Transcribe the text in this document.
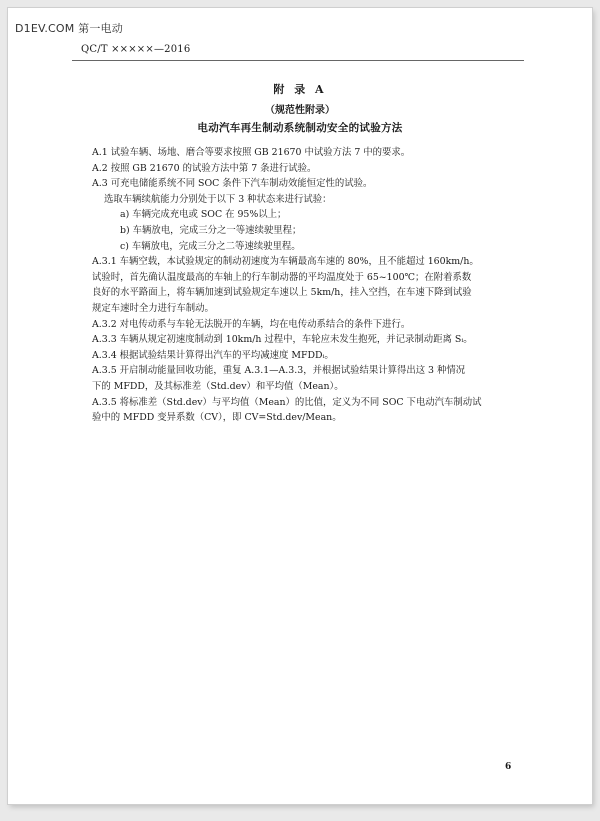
D1EV.COM 第一电动
QC/T ×××××—2016
附 录 A
（规范性附录）
电动汽车再生制动系统制动安全的试验方法
A.1 试验车辆、场地、磨合等要求按照 GB 21670 中试验方法 7 中的要求。
A.2 按照 GB 21670 的试验方法中第 7 条进行试验。
A.3 可充电储能系统不同 SOC 条件下汽车制动效能恒定性的试验。
选取车辆续航能力分别处于以下 3 种状态来进行试验：
a) 车辆完成充电或 SOC 在 95%以上；
b) 车辆放电，完成三分之一等速续驶里程；
c) 车辆放电，完成三分之二等速续驶里程。
A.3.1 车辆空载，本试验规定的制动初速度为车辆最高车速的 80%，且不能超过 160km/h。
试验时，首先确认温度最高的车轴上的行车制动器的平均温度处于 65~100℃；在附着系数
良好的水平路面上，将车辆加速到试验规定车速以上 5km/h，挂入空挡，在车速下降到试验
规定车速时全力进行车制动。
A.3.2 对电传动系与车轮无法脱开的车辆，均在电传动系结合的条件下进行。
A.3.3 车辆从规定初速度制动到 10km/h 过程中，车轮应未发生抱死，并记录制动距离 Sᵢ。
A.3.4 根据试验结果计算得出汽车的平均减速度 MFDDᵢ。
A.3.5 开启制动能量回收功能，重复 A.3.1—A.3.3，并根据试验结果计算得出这 3 种情况
下的 MFDD，及其标准差（Std.dev）和平均值（Mean）。
A.3.5 将标准差（Std.dev）与平均值（Mean）的比值，定义为不同 SOC 下电动汽车制动试
验中的 MFDD 变异系数（CV），即 CV=Std.dev/Mean。
6
